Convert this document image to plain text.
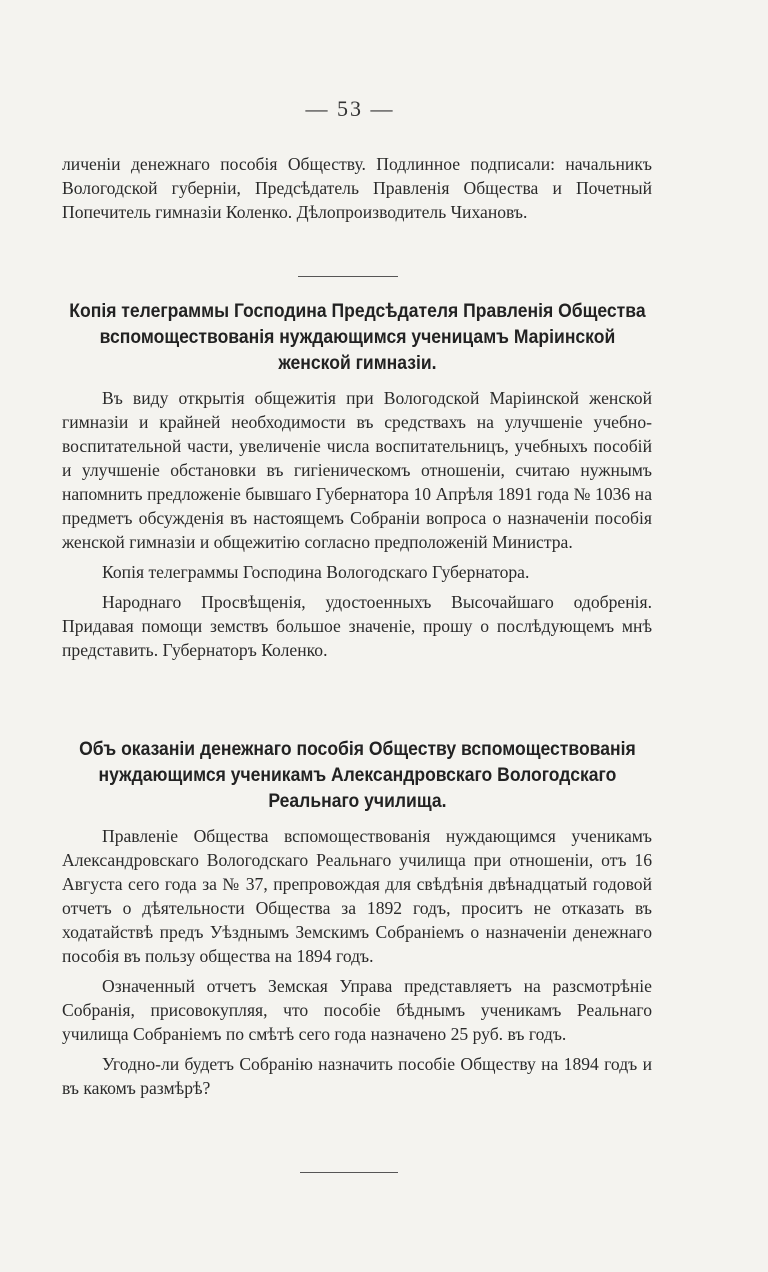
— 53 —

личеніи денежнаго пособія Обществу. Подлинное подписали: начальникъ Вологодской губерніи, Предсѣдатель Правленія Общества и Почетный Попечитель гимназіи Коленко. Дѣлопроизводитель Чихановъ.

Копія телеграммы Господина Предсѣдателя Правленія Общества вспомоществованія нуждающимся ученицамъ Маріинской женской гимназіи.

Въ виду открытія общежитія при Вологодской Маріинской женской гимназіи и крайней необходимости въ средствахъ на улучшеніе учебно-воспитательной части, увеличеніе числа воспитательницъ, учебныхъ пособій и улучшеніе обстановки въ гигіеническомъ отношеніи, считаю нужнымъ напомнить предложеніе бывшаго Губернатора 10 Апрѣля 1891 года № 1036 на предметъ обсужденія въ настоящемъ Собраніи вопроса о назначеніи пособія женской гимназіи и общежитію согласно предположеній Министра.

Копія телеграммы Господина Вологодскаго Губернатора.

Народнаго Просвѣщенія, удостоенныхъ Высочайшаго одобренія. Придавая помощи земствъ большое значеніе, прошу о послѣдующемъ мнѣ представить. Губернаторъ Коленко.

Объ оказаніи денежнаго пособія Обществу вспомоществованія нуждающимся ученикамъ Александровскаго Вологодскаго Реальнаго училища.

Правленіе Общества вспомоществованія нуждающимся ученикамъ Александровскаго Вологодскаго Реальнаго училища при отношеніи, отъ 16 Августа сего года за № 37, препровождая для свѣдѣнія двѣнадцатый годовой отчетъ о дѣятельности Общества за 1892 годъ, проситъ не отказать въ ходатайствѣ предъ Уѣзднымъ Земскимъ Собраніемъ о назначеніи денежнаго пособія въ пользу общества на 1894 годъ.

Означенный отчетъ Земская Управа представляетъ на разсмотрѣніе Собранія, присовокупляя, что пособіе бѣднымъ ученикамъ Реальнаго училища Собраніемъ по смѣтѣ сего года назначено 25 руб. въ годъ.

Угодно-ли будетъ Собранію назначить пособіе Обществу на 1894 годъ и въ какомъ размѣрѣ?
